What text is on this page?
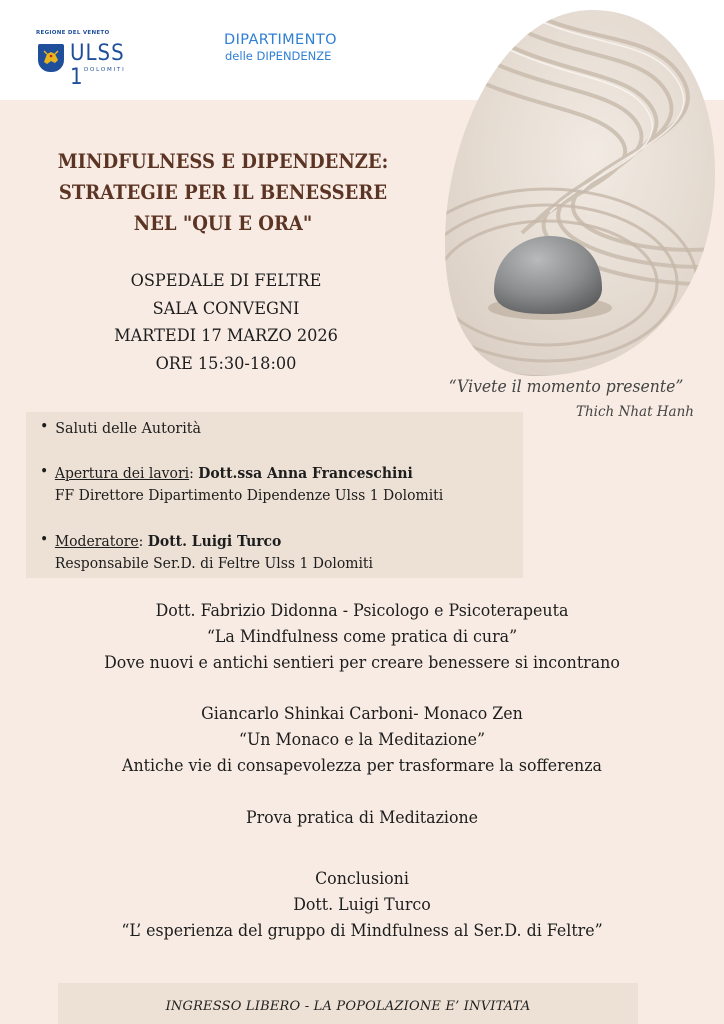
REGIONE DEL VENETO
ULSS 1 DOLOMITI
DIPARTIMENTO
delle DIPENDENZE
MINDFULNESS E DIPENDENZE:
STRATEGIE PER IL BENESSERE
NEL "QUI E ORA"
OSPEDALE DI FELTRE
SALA CONVEGNI
MARTEDI 17 MARZO 2026
ORE 15:30-18:00
“Vivete il momento presente”
Thich Nhat Hanh
• Saluti delle Autorità
• Apertura dei lavori: Dott.ssa Anna Franceschini
FF Direttore Dipartimento Dipendenze Ulss 1 Dolomiti
• Moderatore: Dott. Luigi Turco
Responsabile Ser.D. di Feltre Ulss 1 Dolomiti
Dott. Fabrizio Didonna - Psicologo e Psicoterapeuta
“La Mindfulness come pratica di cura”
Dove nuovi e antichi sentieri per creare benessere si incontrano
Giancarlo Shinkai Carboni- Monaco Zen
“Un Monaco e la Meditazione”
Antiche vie di consapevolezza per trasformare la sofferenza
Prova pratica di Meditazione
Conclusioni
Dott. Luigi Turco
“L’ esperienza del gruppo di Mindfulness al Ser.D. di Feltre”
INGRESSO LIBERO - LA POPOLAZIONE E’ INVITATA
